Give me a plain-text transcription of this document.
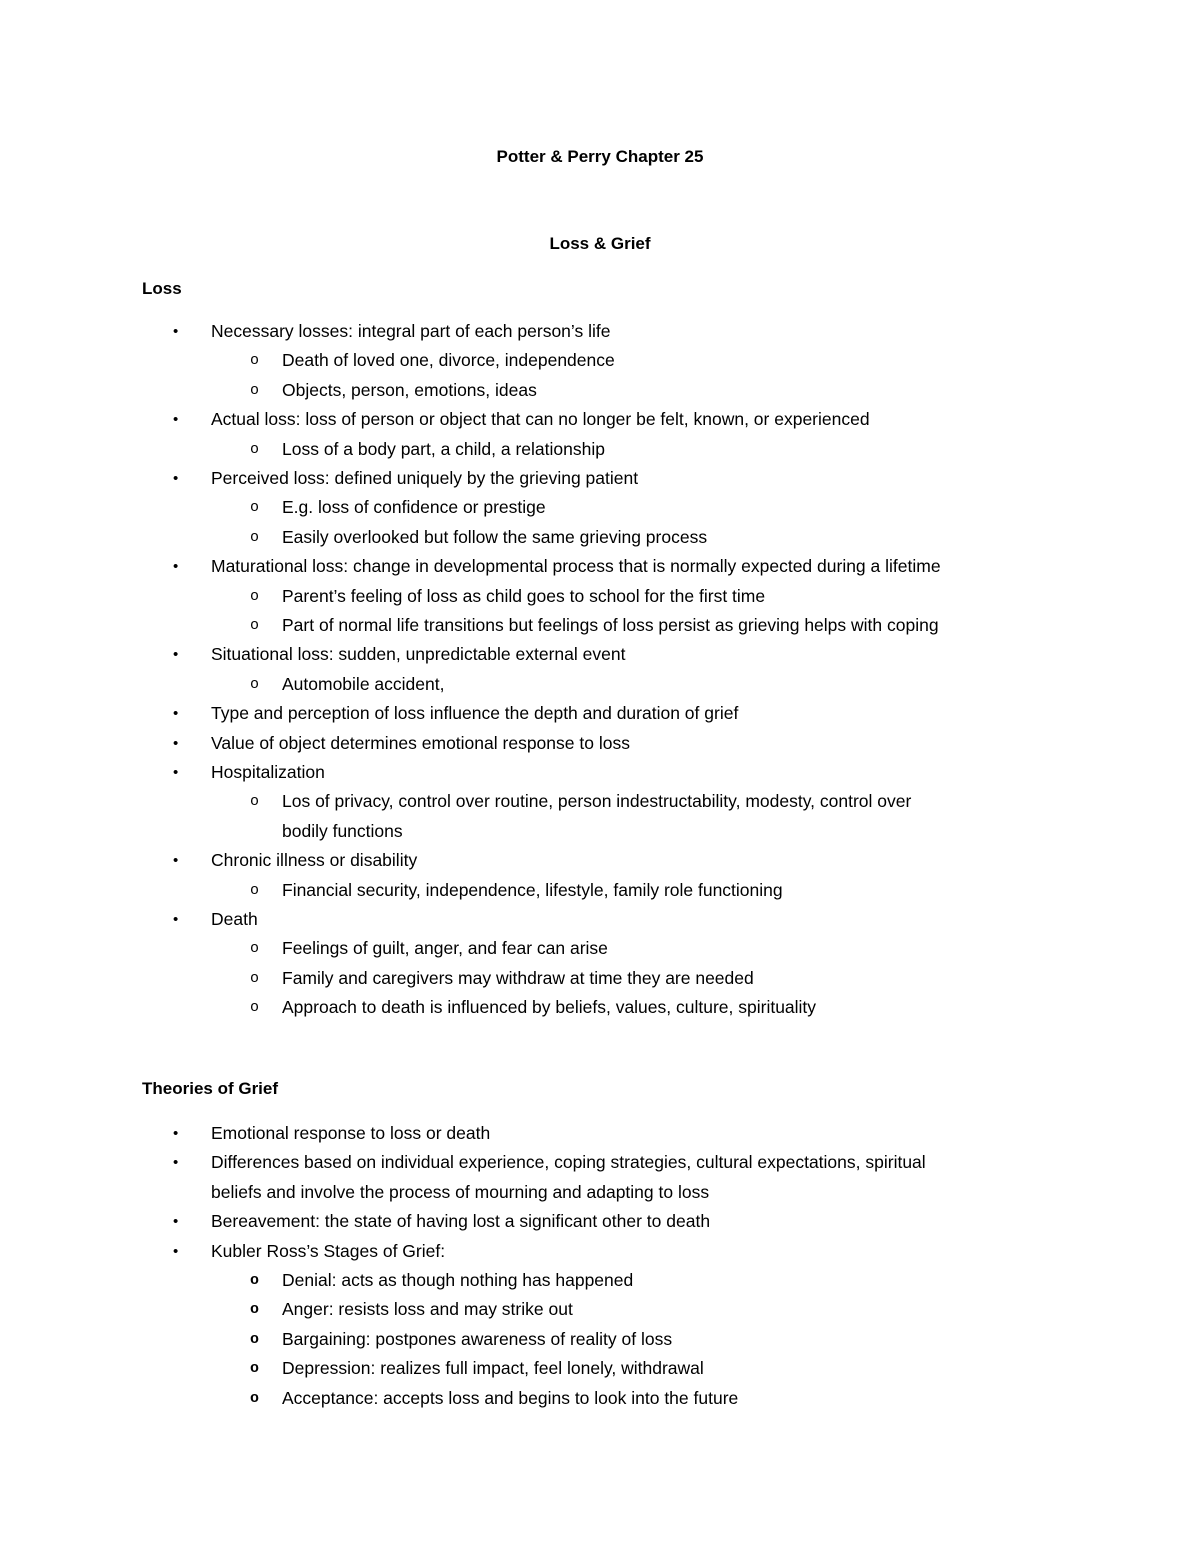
Potter & Perry Chapter 25
Loss & Grief
Loss
• Necessary losses: integral part of each person’s life
o Death of loved one, divorce, independence
o Objects, person, emotions, ideas
• Actual loss: loss of person or object that can no longer be felt, known, or experienced
o Loss of a body part, a child, a relationship
• Perceived loss: defined uniquely by the grieving patient
o E.g. loss of confidence or prestige
o Easily overlooked but follow the same grieving process
• Maturational loss: change in developmental process that is normally expected during a lifetime
o Parent’s feeling of loss as child goes to school for the first time
o Part of normal life transitions but feelings of loss persist as grieving helps with coping
• Situational loss: sudden, unpredictable external event
o Automobile accident,
• Type and perception of loss influence the depth and duration of grief
• Value of object determines emotional response to loss
• Hospitalization
o Los of privacy, control over routine, person indestructability, modesty, control over
bodily functions
• Chronic illness or disability
o Financial security, independence, lifestyle, family role functioning
• Death
o Feelings of guilt, anger, and fear can arise
o Family and caregivers may withdraw at time they are needed
o Approach to death is influenced by beliefs, values, culture, spirituality
Theories of Grief
• Emotional response to loss or death
• Differences based on individual experience, coping strategies, cultural expectations, spiritual
beliefs and involve the process of mourning and adapting to loss
• Bereavement: the state of having lost a significant other to death
• Kubler Ross’s Stages of Grief:
o Denial: acts as though nothing has happened
o Anger: resists loss and may strike out
o Bargaining: postpones awareness of reality of loss
o Depression: realizes full impact, feel lonely, withdrawal
o Acceptance: accepts loss and begins to look into the future
